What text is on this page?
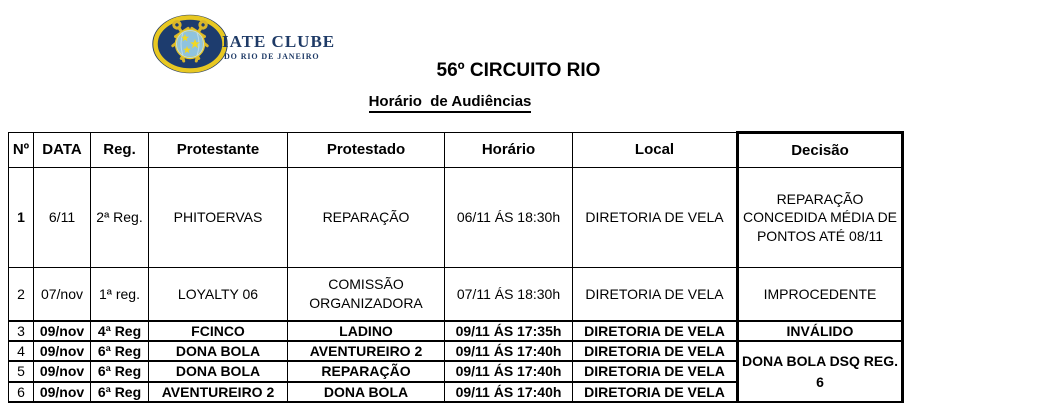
IATE CLUBE
DO RIO DE JANEIRO
56º CIRCUITO RIO
Horário  de Audiências
Nº	DATA	Reg.	Protestante	Protestado	Horário	Local	Decisão
1	6/11	2ª Reg.	PHITOERVAS	REPARAÇÃO	06/11 ÁS 18:30h	DIRETORIA DE VELA	REPARAÇÃO CONCEDIDA MÉDIA DE PONTOS ATÉ 08/11
2	07/nov	1ª reg.	LOYALTY 06	COMISSÃO ORGANIZADORA	07/11 ÁS 18:30h	DIRETORIA DE VELA	IMPROCEDENTE
3	09/nov	4ª Reg	FCINCO	LADINO	09/11 ÁS 17:35h	DIRETORIA DE VELA	INVÁLIDO
4	09/nov	6ª Reg	DONA BOLA	AVENTUREIRO 2	09/11 ÁS 17:40h	DIRETORIA DE VELA	DONA BOLA DSQ REG. 6
5	09/nov	6ª Reg	DONA BOLA	REPARAÇÃO	09/11 ÁS 17:40h	DIRETORIA DE VELA	
6	09/nov	6ª Reg	AVENTUREIRO 2	DONA BOLA	09/11 ÁS 17:40h	DIRETORIA DE VELA	
